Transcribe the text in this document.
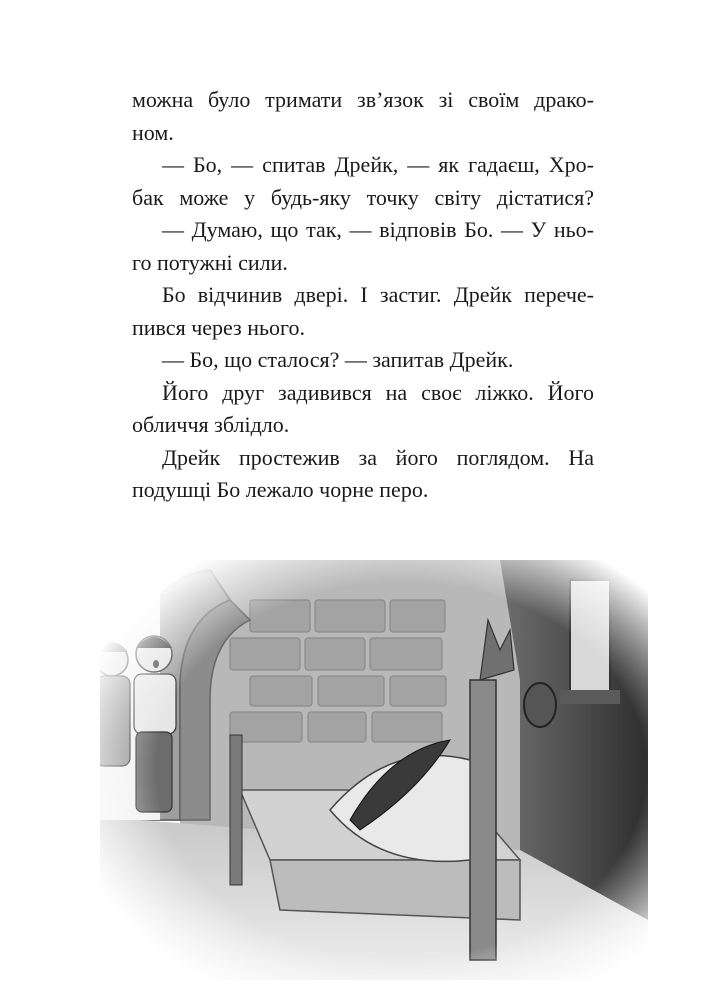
можна було тримати зв’язок зі своїм драко-
ном.
— Бо, — спитав Дрейк, — як гадаєш, Хро-
бак може у будь-яку точку світу дістатися?
— Думаю, що так, — відповів Бо. — У ньо-
го потужні сили.
Бо відчинив двері. І застиг. Дрейк перече-
пився через нього.
— Бо, що сталося? — запитав Дрейк.
Його друг задивився на своє ліжко. Його
обличчя зблідло.
Дрейк простежив за його поглядом. На
подушці Бо лежало чорне перо.
